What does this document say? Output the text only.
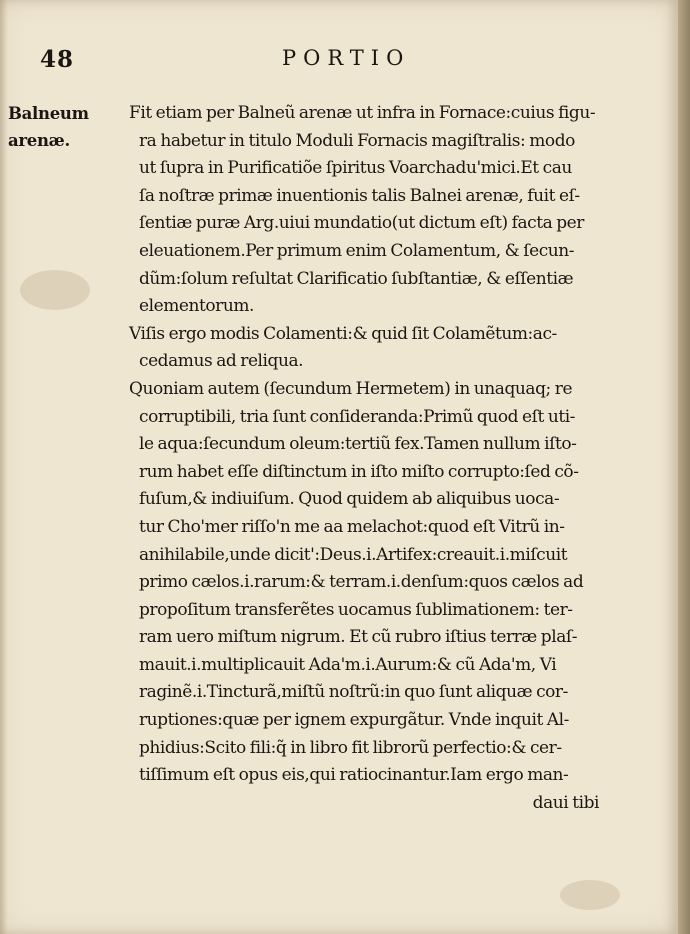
48	PORTIO
Balneum
arenæ.
Fit etiam per Balneũ arenæ ut infra in Fornace:cuius figu-
ra habetur in titulo Moduli Fornacis magiſtralis: modo
ut ſupra in Purificatiõe ſpiritus Voarchadu'mici.Et cau
ſa noſtræ primæ inuentionis talis Balnei arenæ, fuit eſ-
ſentiæ puræ Arg.uiui mundatio(ut dictum eſt) facta per
eleuationem.Per primum enim Colamentum, & ſecun-
dũm:ſolum reſultat Clarificatio ſubſtantiæ, & eſſentiæ
elementorum.
Viſis ergo modis Colamenti:& quid ſit Colamẽtum:ac-
cedamus ad reliqua.
Quoniam autem (ſecundum Hermetem) in unaquaq; re
corruptibili, tria ſunt conſideranda:Primũ quod eſt uti-
le aqua:ſecundum oleum:tertiũ fex.Tamen nullum iſto-
rum habet eſſe diſtinctum in iſto miſto corrupto:ſed cõ-
fuſum,& indiuiſum. Quod quidem ab aliquibus uoca-
tur Cho'mer riſſo'n me aa melachot:quod eſt Vitrũ in-
anihilabile,unde dicit':Deus.i.Artifex:creauit.i.miſcuit
primo cælos.i.rarum:& terram.i.denſum:quos cælos ad
propoſitum transferẽtes uocamus ſublimationem: ter-
ram uero miſtum nigrum. Et cũ rubro iſtius terræ plaſ-
mauit.i.multiplicauit Ada'm.i.Aurum:& cũ Ada'm, Vi
raginẽ.i.Tincturã,miſtũ noſtrũ:in quo ſunt aliquæ cor-
ruptiones:quæ per ignem expurgãtur. Vnde inquit Al-
phidius:Scito fili:q̃ in libro fit librorũ perfectio:& cer-
tiſſimum eſt opus eis,qui ratiocinantur.Iam ergo man-
daui tibi
